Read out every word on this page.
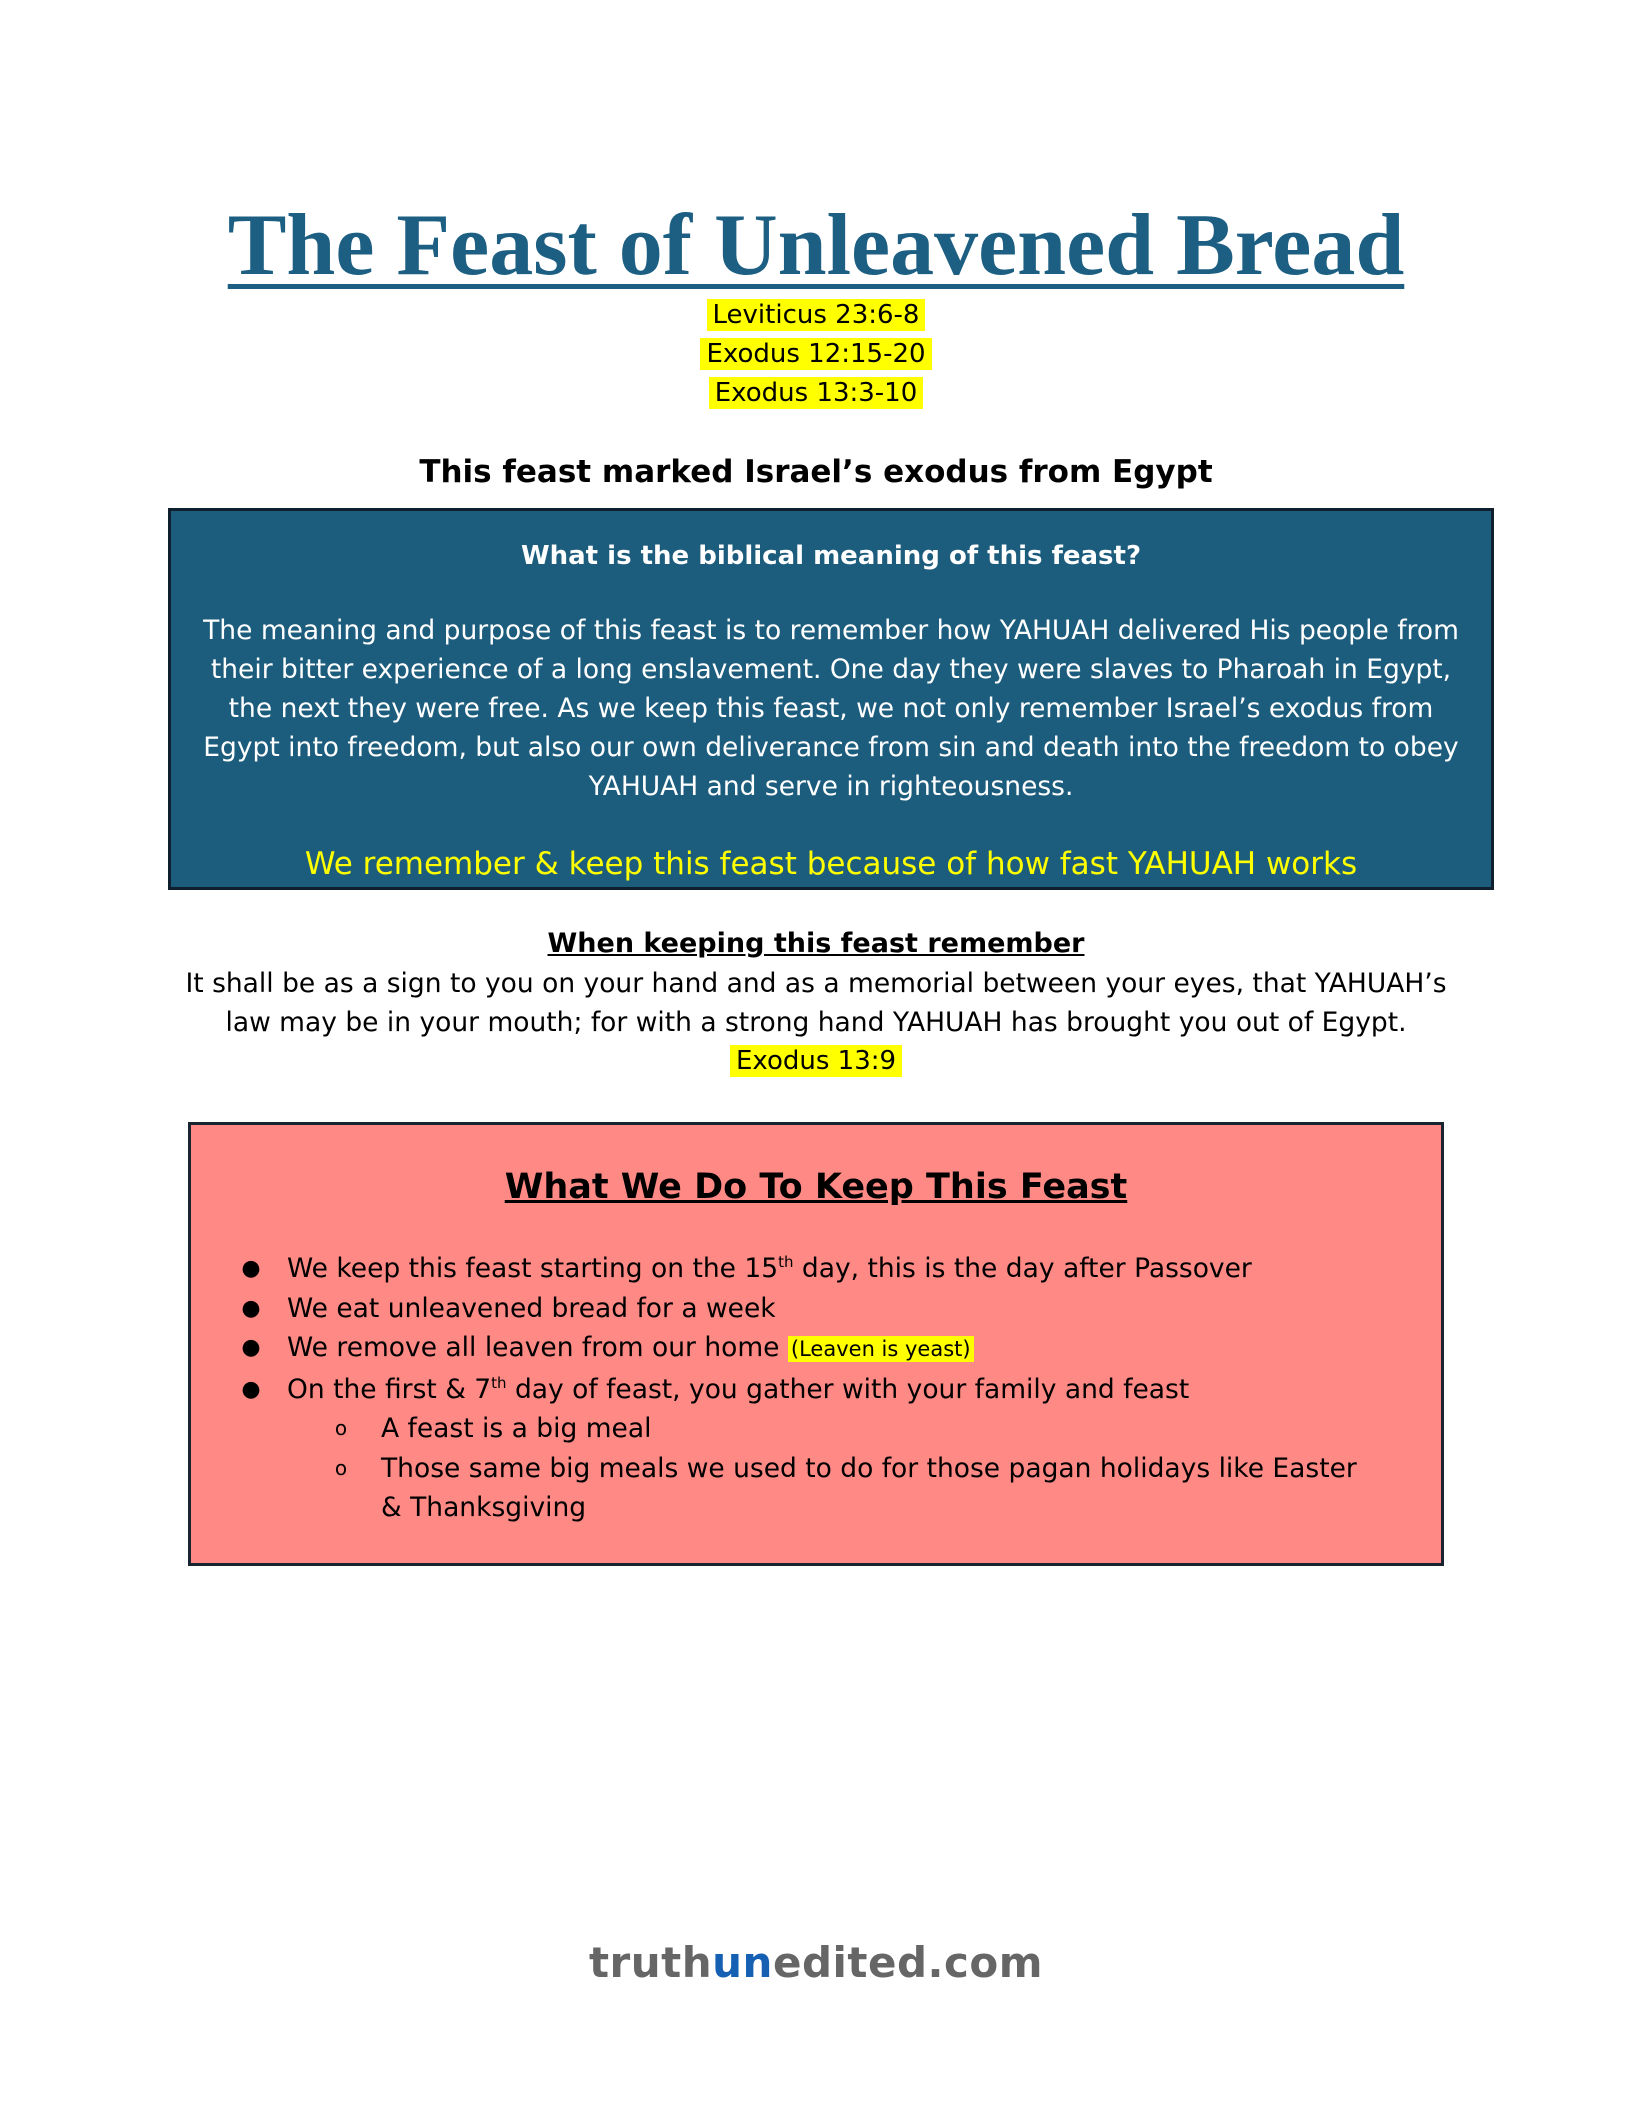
The Feast of Unleavened Bread
Leviticus 23:6-8
Exodus 12:15-20
Exodus 13:3-10
This feast marked Israel’s exodus from Egypt
What is the biblical meaning of this feast?
The meaning and purpose of this feast is to remember how YAHUAH delivered His people from their bitter experience of a long enslavement. One day they were slaves to Pharoah in Egypt, the next they were free. As we keep this feast, we not only remember Israel’s exodus from Egypt into freedom, but also our own deliverance from sin and death into the freedom to obey YAHUAH and serve in righteousness.
We remember & keep this feast because of how fast YAHUAH works
When keeping this feast remember
It shall be as a sign to you on your hand and as a memorial between your eyes, that YAHUAH’s law may be in your mouth; for with a strong hand YAHUAH has brought you out of Egypt.
Exodus 13:9
What We Do To Keep This Feast
● We keep this feast starting on the 15th day, this is the day after Passover
● We eat unleavened bread for a week
● We remove all leaven from our home (Leaven is yeast)
● On the first & 7th day of feast, you gather with your family and feast
o A feast is a big meal
o Those same big meals we used to do for those pagan holidays like Easter & Thanksgiving
truthunedited.com
